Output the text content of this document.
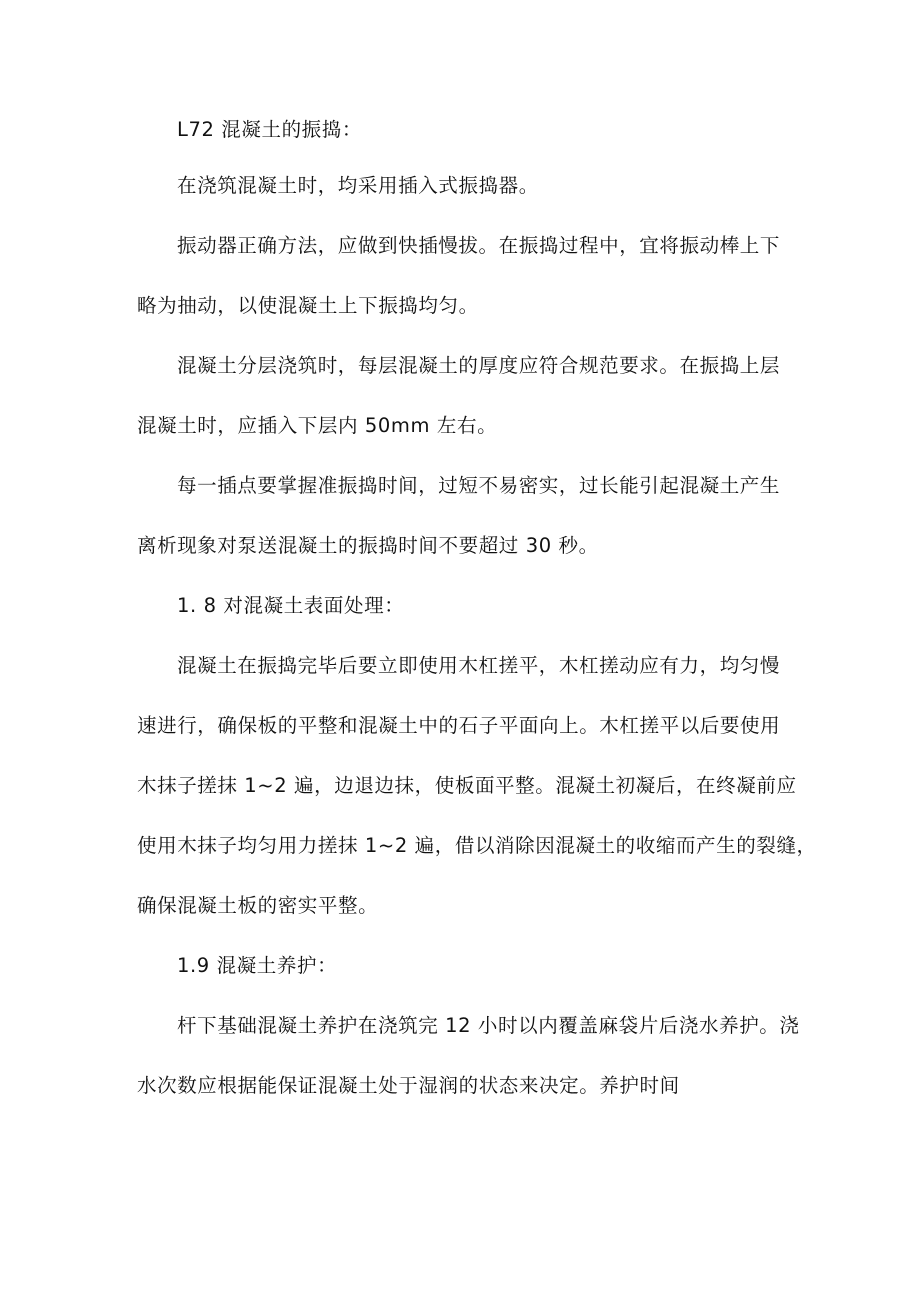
L72 混凝土的振捣：

在浇筑混凝土时，均采用插入式振捣器。

振动器正确方法，应做到快插慢拔。在振捣过程中，宜将振动棒上下

略为抽动，以使混凝土上下振捣均匀。

混凝土分层浇筑时，每层混凝土的厚度应符合规范要求。在振捣上层

混凝土时，应插入下层内 50mm 左右。

每一插点要掌握准振捣时间，过短不易密实，过长能引起混凝土产生

离析现象对泵送混凝土的振捣时间不要超过 30 秒。

1. 8 对混凝土表面处理：

混凝土在振捣完毕后要立即使用木杠搓平，木杠搓动应有力，均匀慢

速进行，确保板的平整和混凝土中的石子平面向上。木杠搓平以后要使用

木抹子搓抹 1~2 遍，边退边抹，使板面平整。混凝土初凝后，在终凝前应

使用木抹子均匀用力搓抹 1~2 遍，借以消除因混凝土的收缩而产生的裂缝，

确保混凝土板的密实平整。

1.9 混凝土养护：

杆下基础混凝土养护在浇筑完 12 小时以内覆盖麻袋片后浇水养护。浇

水次数应根据能保证混凝土处于湿润的状态来决定。养护时间
